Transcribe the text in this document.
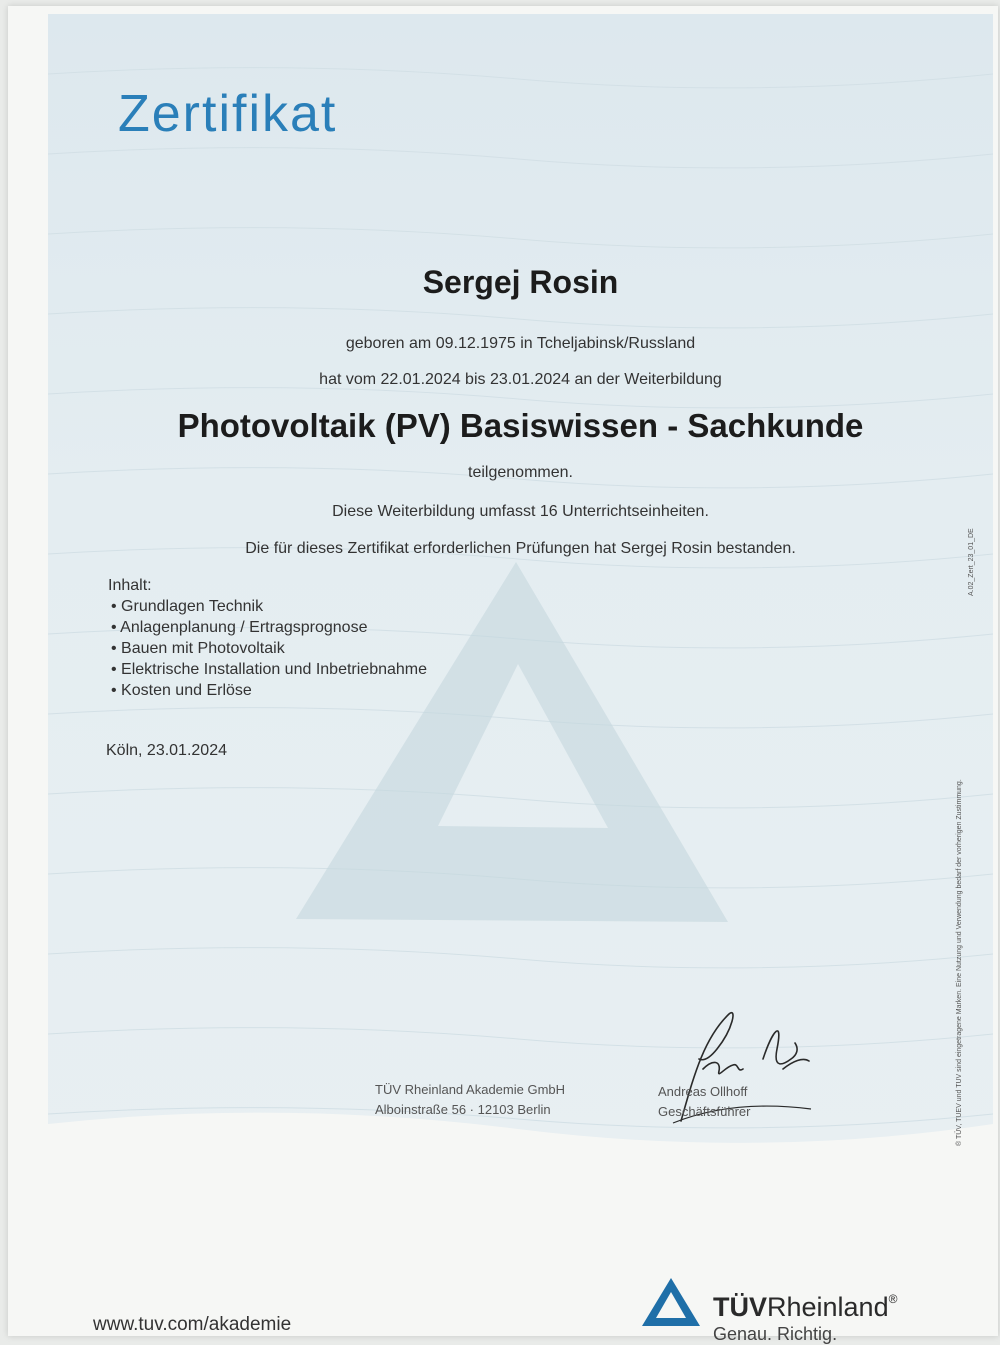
Zertifikat
Sergej Rosin
geboren am 09.12.1975 in Tcheljabinsk/Russland
hat vom 22.01.2024 bis 23.01.2024 an der Weiterbildung
Photovoltaik (PV) Basiswissen - Sachkunde
teilgenommen.
Diese Weiterbildung umfasst 16 Unterrichtseinheiten.
Die für dieses Zertifikat erforderlichen Prüfungen hat Sergej Rosin bestanden.

Inhalt:

• Grundlagen Technik
• Anlagenplanung / Ertragsprognose
• Bauen mit Photovoltaik
• Elektrische Installation und Inbetriebnahme
• Kosten und Erlöse
Köln, 23.01.2024
TÜV Rheinland Akademie GmbH
Alboinstraße 56 · 12103 Berlin
Andreas Ollhoff
Geschäftsführer	® TÜV, TUEV und TUV sind eingetragene Marken. Eine Nutzung und Verwendung bedarf der vorherigen Zustimmung.
A.02_Zert_23_01_DE
www.tuv.com/akademie
TÜVRheinland®
Genau. Richtig.
